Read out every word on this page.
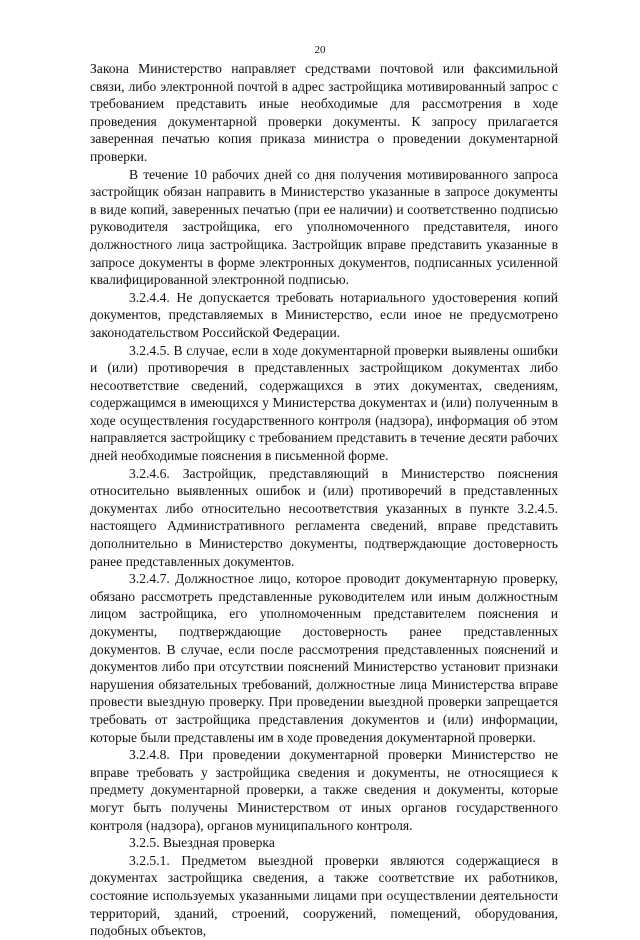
20

Закона Министерство направляет средствами почтовой или факсимильной связи, либо электронной почтой в адрес застройщика мотивированный запрос с требованием представить иные необходимые для рассмотрения в ходе проведения документарной проверки документы. К запросу прилагается заверенная печатью копия приказа министра о проведении документарной проверки.

В течение 10 рабочих дней со дня получения мотивированного запроса застройщик обязан направить в Министерство указанные в запросе документы в виде копий, заверенных печатью (при ее наличии) и соответственно подписью руководителя застройщика, его уполномоченного представителя, иного должностного лица застройщика. Застройщик вправе представить указанные в запросе документы в форме электронных документов, подписанных усиленной квалифицированной электронной подписью.

3.2.4.4. Не допускается требовать нотариального удостоверения копий документов, представляемых в Министерство, если иное не предусмотрено законодательством Российской Федерации.

3.2.4.5. В случае, если в ходе документарной проверки выявлены ошибки и (или) противоречия в представленных застройщиком документах либо несоответствие сведений, содержащихся в этих документах, сведениям, содержащимся в имеющихся у Министерства документах и (или) полученным в ходе осуществления государственного контроля (надзора), информация об этом направляется застройщику с требованием представить в течение десяти рабочих дней необходимые пояснения в письменной форме.

3.2.4.6. Застройщик, представляющий в Министерство пояснения относительно выявленных ошибок и (или) противоречий в представленных документах либо относительно несоответствия указанных в пункте 3.2.4.5. настоящего Административного регламента сведений, вправе представить дополнительно в Министерство документы, подтверждающие достоверность ранее представленных документов.

3.2.4.7. Должностное лицо, которое проводит документарную проверку, обязано рассмотреть представленные руководителем или иным должностным лицом застройщика, его уполномоченным представителем пояснения и документы, подтверждающие достоверность ранее представленных документов. В случае, если после рассмотрения представленных пояснений и документов либо при отсутствии пояснений Министерство установит признаки нарушения обязательных требований, должностные лица Министерства вправе провести выездную проверку. При проведении выездной проверки запрещается требовать от застройщика представления документов и (или) информации, которые были представлены им в ходе проведения документарной проверки.

3.2.4.8. При проведении документарной проверки Министерство не вправе требовать у застройщика сведения и документы, не относящиеся к предмету документарной проверки, а также сведения и документы, которые могут быть получены Министерством от иных органов государственного контроля (надзора), органов муниципального контроля.

3.2.5. Выездная проверка

3.2.5.1. Предметом выездной проверки являются содержащиеся в документах застройщика сведения, а также соответствие их работников, состояние используемых указанными лицами при осуществлении деятельности территорий, зданий, строений, сооружений, помещений, оборудования, подобных объектов,
